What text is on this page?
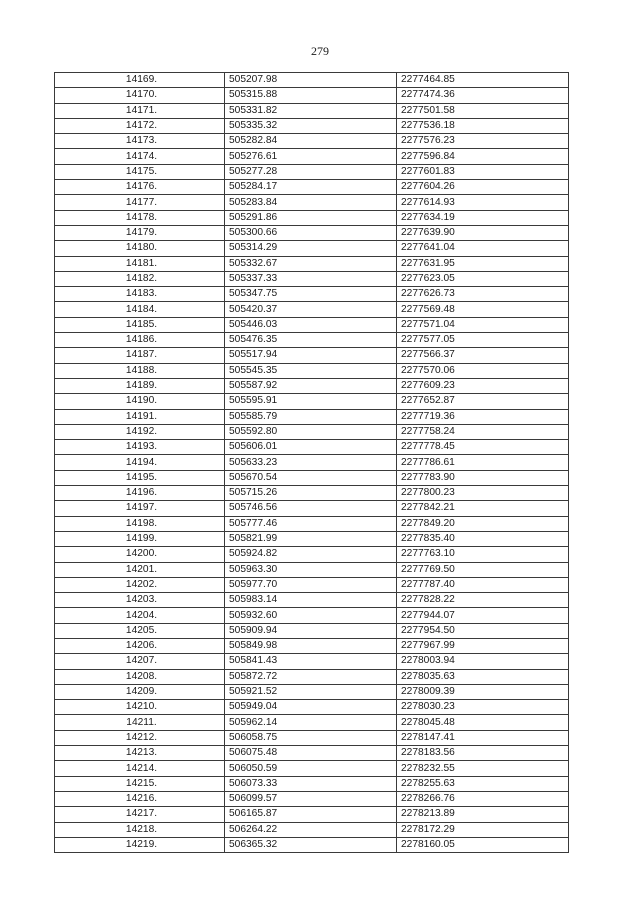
279
14169.	505207.98	2277464.85
14170.	505315.88	2277474.36
14171.	505331.82	2277501.58
14172.	505335.32	2277536.18
14173.	505282.84	2277576.23
14174.	505276.61	2277596.84
14175.	505277.28	2277601.83
14176.	505284.17	2277604.26
14177.	505283.84	2277614.93
14178.	505291.86	2277634.19
14179.	505300.66	2277639.90
14180.	505314.29	2277641.04
14181.	505332.67	2277631.95
14182.	505337.33	2277623.05
14183.	505347.75	2277626.73
14184.	505420.37	2277569.48
14185.	505446.03	2277571.04
14186.	505476.35	2277577.05
14187.	505517.94	2277566.37
14188.	505545.35	2277570.06
14189.	505587.92	2277609.23
14190.	505595.91	2277652.87
14191.	505585.79	2277719.36
14192.	505592.80	2277758.24
14193.	505606.01	2277778.45
14194.	505633.23	2277786.61
14195.	505670.54	2277783.90
14196.	505715.26	2277800.23
14197.	505746.56	2277842.21
14198.	505777.46	2277849.20
14199.	505821.99	2277835.40
14200.	505924.82	2277763.10
14201.	505963.30	2277769.50
14202.	505977.70	2277787.40
14203.	505983.14	2277828.22
14204.	505932.60	2277944.07
14205.	505909.94	2277954.50
14206.	505849.98	2277967.99
14207.	505841.43	2278003.94
14208.	505872.72	2278035.63
14209.	505921.52	2278009.39
14210.	505949.04	2278030.23
14211.	505962.14	2278045.48
14212.	506058.75	2278147.41
14213.	506075.48	2278183.56
14214.	506050.59	2278232.55
14215.	506073.33	2278255.63
14216.	506099.57	2278266.76
14217.	506165.87	2278213.89
14218.	506264.22	2278172.29
14219.	506365.32	2278160.05
